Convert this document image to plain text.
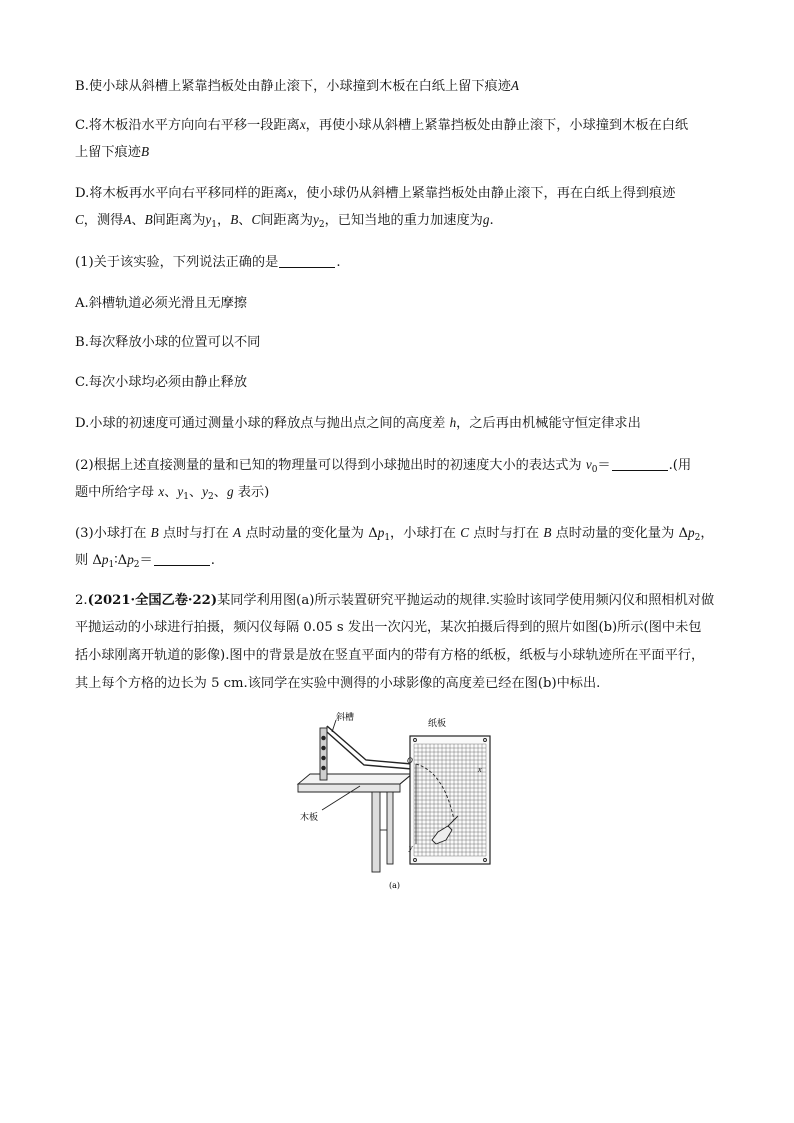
B.使小球从斜槽上紧靠挡板处由静止滚下，小球撞到木板在白纸上留下痕迹A
C.将木板沿水平方向向右平移一段距离x，再使小球从斜槽上紧靠挡板处由静止滚下，小球撞到木板在白纸
上留下痕迹B
D.将木板再水平向右平移同样的距离x，使小球仍从斜槽上紧靠挡板处由静止滚下，再在白纸上得到痕迹
C，测得A、B间距离为$y_1$，B、C间距离为$y_2$，已知当地的重力加速度为g.
(1)关于该实验，下列说法正确的是	.
A.斜槽轨道必须光滑且无摩擦
B.每次释放小球的位置可以不同
C.每次小球均必须由静止释放
D.小球的初速度可通过测量小球的释放点与抛出点之间的高度差 h，之后再由机械能守恒定律求出
(2)根据上述直接测量的量和已知的物理量可以得到小球抛出时的初速度大小的表达式为 $v_0=$	.(用
题中所给字母 x、$y_1$、$y_2$、g 表示)
(3)小球打在 B 点时与打在 A 点时动量的变化量为 $\Delta p_1$，小球打在 C 点时与打在 B 点时动量的变化量为 $\Delta p_2$，
则 $\Delta p_1∶\Delta p_2=$	.
2.(2021·全国乙卷·22)某同学利用图(a)所示装置研究平抛运动的规律.实验时该同学使用频闪仪和照相机对做
平抛运动的小球进行拍摄，频闪仪每隔 0.05 s 发出一次闪光，某次拍摄后得到的照片如图(b)所示(图中未包
括小球刚离开轨道的影像).图中的背景是放在竖直平面内的带有方格的纸板，纸板与小球轨迹所在平面平行，
其上每个方格的边长为 5 cm.该同学在实验中测得的小球影像的高度差已经在图(b)中标出.
斜槽
纸板
木板
O
x
y
(a)
